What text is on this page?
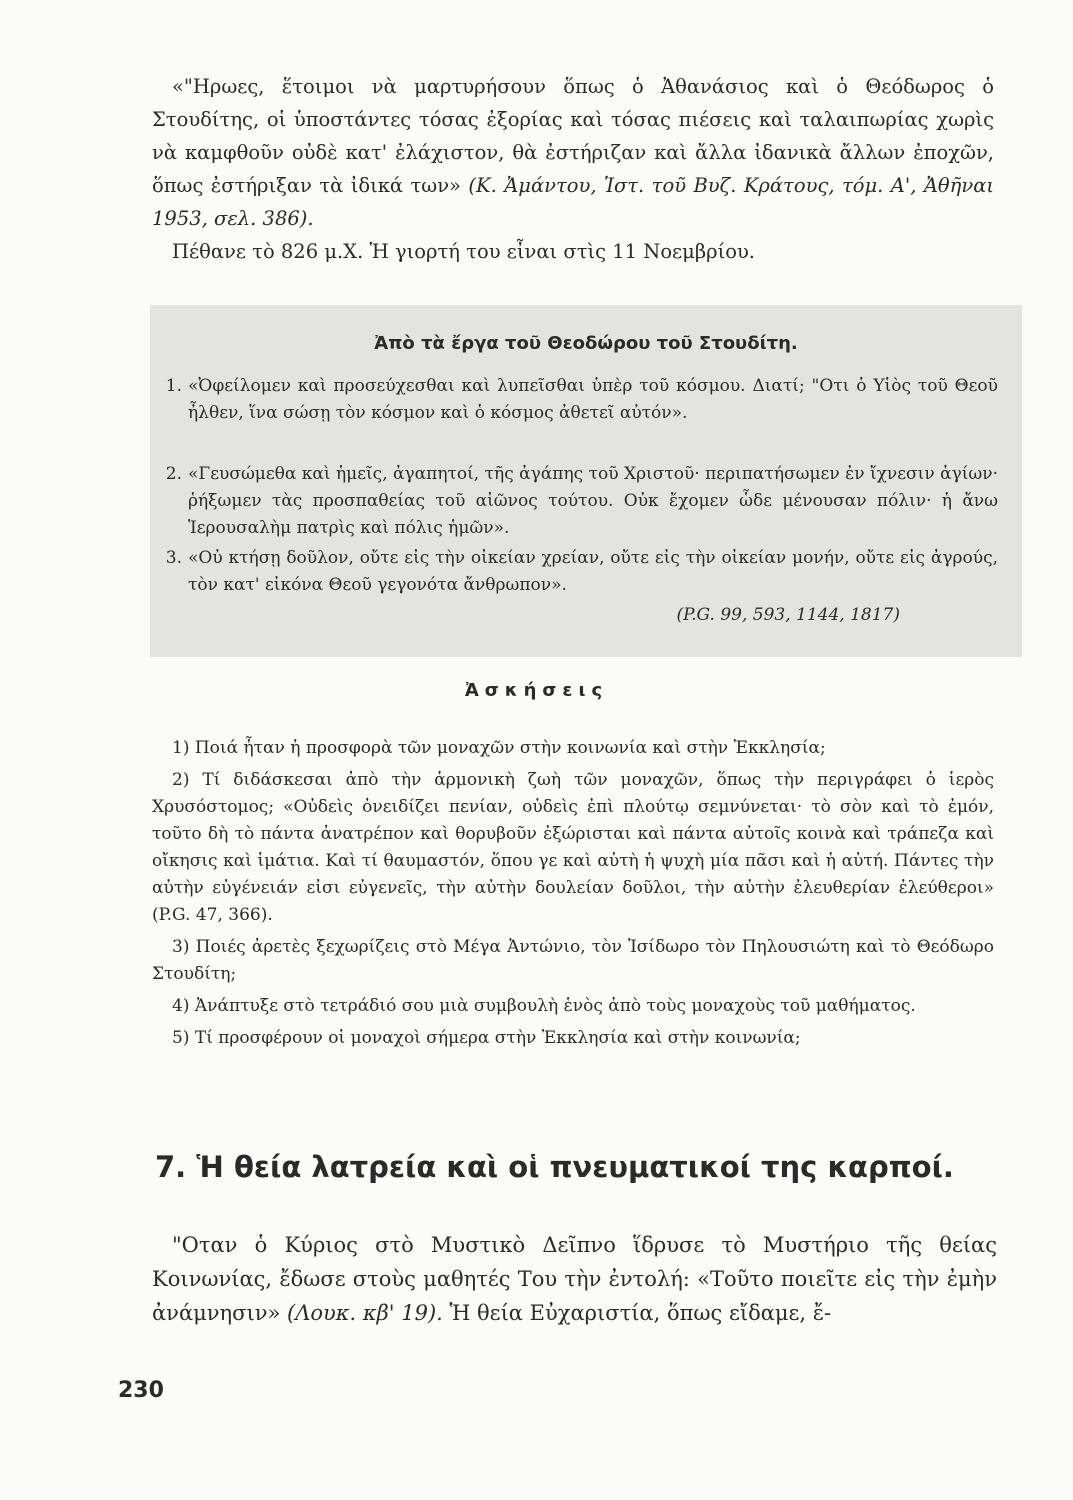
«"Ηρωες, ἕτοιμοι νὰ μαρτυρήσουν ὅπως ὁ Ἀθανάσιος καὶ ὁ Θεόδωρος ὁ Στουδίτης, οἱ ὑποστάντες τόσας ἐξορίας καὶ τόσας πιέσεις καὶ ταλαιπωρίας χωρὶς νὰ καμφθοῦν οὐδὲ κατ' ἐλάχιστον, θὰ ἐστήριζαν καὶ ἄλλα ἰδανικὰ ἄλλων ἐποχῶν, ὅπως ἐστήριξαν τὰ ἰδικά των» (Κ. Ἀμάντου, Ἱστ. τοῦ Βυζ. Κράτους, τόμ. Α', Ἀθῆναι 1953, σελ. 386).

Πέθανε τὸ 826 μ.Χ. Ἡ γιορτή του εἶναι στὶς 11 Νοεμβρίου.

Ἀπὸ τὰ ἔργα τοῦ Θεοδώρου τοῦ Στουδίτη.
1. «Ὀφείλομεν καὶ προσεύχεσθαι καὶ λυπεῖσθαι ὑπὲρ τοῦ κόσμου. Διατί; "Οτι ὁ Υἱὸς τοῦ Θεοῦ ἦλθεν, ἵνα σώσῃ τὸν κόσμον καὶ ὁ κόσμος ἀθετεῖ αὐτόν».
2. «Γευσώμεθα καὶ ἡμεῖς, ἀγαπητοί, τῆς ἀγάπης τοῦ Χριστοῦ· περιπατήσωμεν ἐν ἴχνεσιν ἁγίων· ῥήξωμεν τὰς προσπαθείας τοῦ αἰῶνος τούτου. Οὐκ ἔχομεν ὧδε μένουσαν πόλιν· ἡ ἄνω Ἱερουσαλὴμ πατρὶς καὶ πόλις ἡμῶν».
3. «Οὐ κτήσῃ δοῦλον, οὔτε εἰς τὴν οἰκείαν χρείαν, οὔτε εἰς τὴν οἰκείαν μονήν, οὔτε εἰς ἀγρούς, τὸν κατ' εἰκόνα Θεοῦ γεγονότα ἄνθρωπον».
(P.G. 99, 593, 1144, 1817)
Ἀσκήσεις

1) Ποιά ἦταν ἡ προσφορὰ τῶν μοναχῶν στὴν κοινωνία καὶ στὴν Ἐκκλησία;

2) Τί διδάσκεσαι ἀπὸ τὴν ἁρμονικὴ ζωὴ τῶν μοναχῶν, ὅπως τὴν περιγράφει ὁ ἱερὸς Χρυσόστομος; «Οὐδεὶς ὀνειδίζει πενίαν, οὐδεὶς ἐπὶ πλούτῳ σεμνύνεται· τὸ σὸν καὶ τὸ ἐμόν, τοῦτο δὴ τὸ πάντα ἀνατρέπον καὶ θορυβοῦν ἐξώρισται καὶ πάντα αὐτοῖς κοινὰ καὶ τράπεζα καὶ οἴκησις καὶ ἱμάτια. Καὶ τί θαυμαστόν, ὅπου γε καὶ αὐτὴ ἡ ψυχὴ μία πᾶσι καὶ ἡ αὐτή. Πάντες τὴν αὐτὴν εὐγένειάν εἰσι εὐγενεῖς, τὴν αὐτὴν δουλείαν δοῦλοι, τὴν αὐτὴν ἐλευθερίαν ἐλεύθεροι» (P.G. 47, 366).

3) Ποιές ἀρετὲς ξεχωρίζεις στὸ Μέγα Ἀντώνιο, τὸν Ἰσίδωρο τὸν Πηλουσιώτη καὶ τὸ Θεόδωρο Στουδίτη;

4) Ἀνάπτυξε στὸ τετράδιό σου μιὰ συμβουλὴ ἑνὸς ἀπὸ τοὺς μοναχοὺς τοῦ μαθήματος.

5) Τί προσφέρουν οἱ μοναχοὶ σήμερα στὴν Ἐκκλησία καὶ στὴν κοινωνία;

7. Ἡ θεία λατρεία καὶ οἱ πνευματικοί της καρποί.
"Οταν ὁ Κύριος στὸ Μυστικὸ Δεῖπνο ἵδρυσε τὸ Μυστήριο τῆς θείας Κοινωνίας, ἔδωσε στοὺς μαθητές Του τὴν ἐντολή: «Τοῦτο ποιεῖτε εἰς τὴν ἐμὴν ἀνάμνησιν» (Λουκ. κβ' 19). Ἡ θεία Εὐχαριστία, ὅπως εἴδαμε, ἔ-
230
